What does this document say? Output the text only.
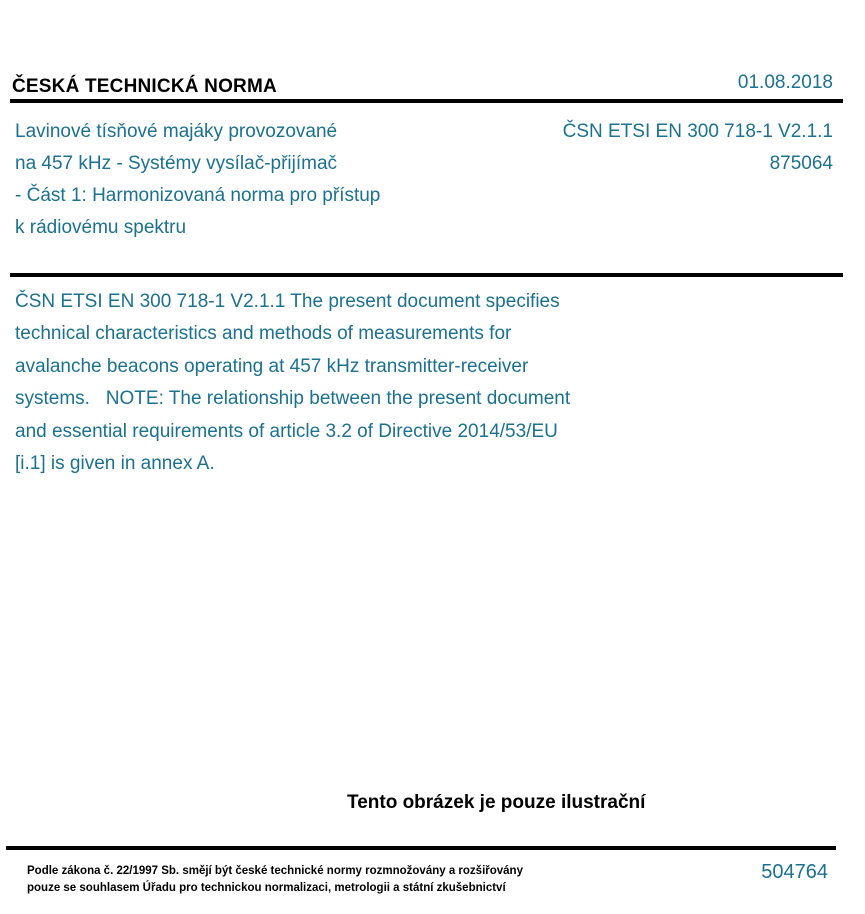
ČESKÁ TECHNICKÁ NORMA	01.08.2018
Lavinové tísňové majáky provozované
na 457 kHz - Systémy vysílač-přijímač
- Část 1: Harmonizovaná norma pro přístup
k rádiovému spektru
ČSN ETSI EN 300 718-1 V2.1.1
875064
ČSN ETSI EN 300 718-1 V2.1.1 The present document specifies
technical characteristics and methods of measurements for
avalanche beacons operating at 457 kHz transmitter-receiver
systems.   NOTE: The relationship between the present document
and essential requirements of article 3.2 of Directive 2014/53/EU
[i.1] is given in annex A.
Tento obrázek je pouze ilustrační
Podle zákona č. 22/1997 Sb. smějí být české technické normy rozmnožovány a rozšiřovány
pouze se souhlasem Úřadu pro technickou normalizaci, metrologii a státní zkušebnictví
504764
